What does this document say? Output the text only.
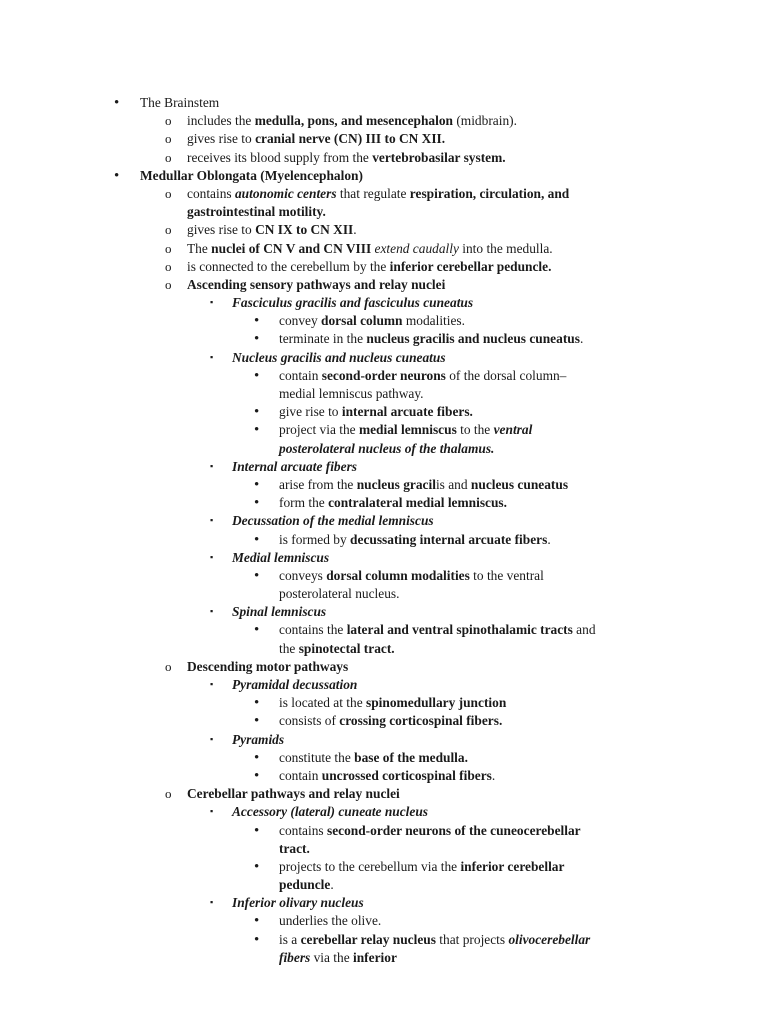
• The Brainstem
o includes the medulla, pons, and mesencephalon (midbrain).
o gives rise to cranial nerve (CN) III to CN XII.
o receives its blood supply from the vertebrobasilar system.
• Medullar Oblongata (Myelencephalon)
o contains autonomic centers that regulate respiration, circulation, and
gastrointestinal motility.
o gives rise to CN IX to CN XII.
o The nuclei of CN V and CN VIII extend caudally into the medulla.
o is connected to the cerebellum by the inferior cerebellar peduncle.
o Ascending sensory pathways and relay nuclei
▪ Fasciculus gracilis and fasciculus cuneatus
• convey dorsal column modalities.
• terminate in the nucleus gracilis and nucleus cuneatus.
▪ Nucleus gracilis and nucleus cuneatus
• contain second-order neurons of the dorsal column–
medial lemniscus pathway.
• give rise to internal arcuate fibers.
• project via the medial lemniscus to the ventral
posterolateral nucleus of the thalamus.
▪ Internal arcuate fibers
• arise from the nucleus gracilis and nucleus cuneatus
• form the contralateral medial lemniscus.
▪ Decussation of the medial lemniscus
• is formed by decussating internal arcuate fibers.
▪ Medial lemniscus
• conveys dorsal column modalities to the ventral
posterolateral nucleus.
▪ Spinal lemniscus
• contains the lateral and ventral spinothalamic tracts and
the spinotectal tract.
o Descending motor pathways
▪ Pyramidal decussation
• is located at the spinomedullary junction
• consists of crossing corticospinal fibers.
▪ Pyramids
• constitute the base of the medulla.
• contain uncrossed corticospinal fibers.
o Cerebellar pathways and relay nuclei
▪ Accessory (lateral) cuneate nucleus
• contains second-order neurons of the cuneocerebellar
tract.
• projects to the cerebellum via the inferior cerebellar
peduncle.
▪ Inferior olivary nucleus
• underlies the olive.
• is a cerebellar relay nucleus that projects olivocerebellar
fibers via the inferior
